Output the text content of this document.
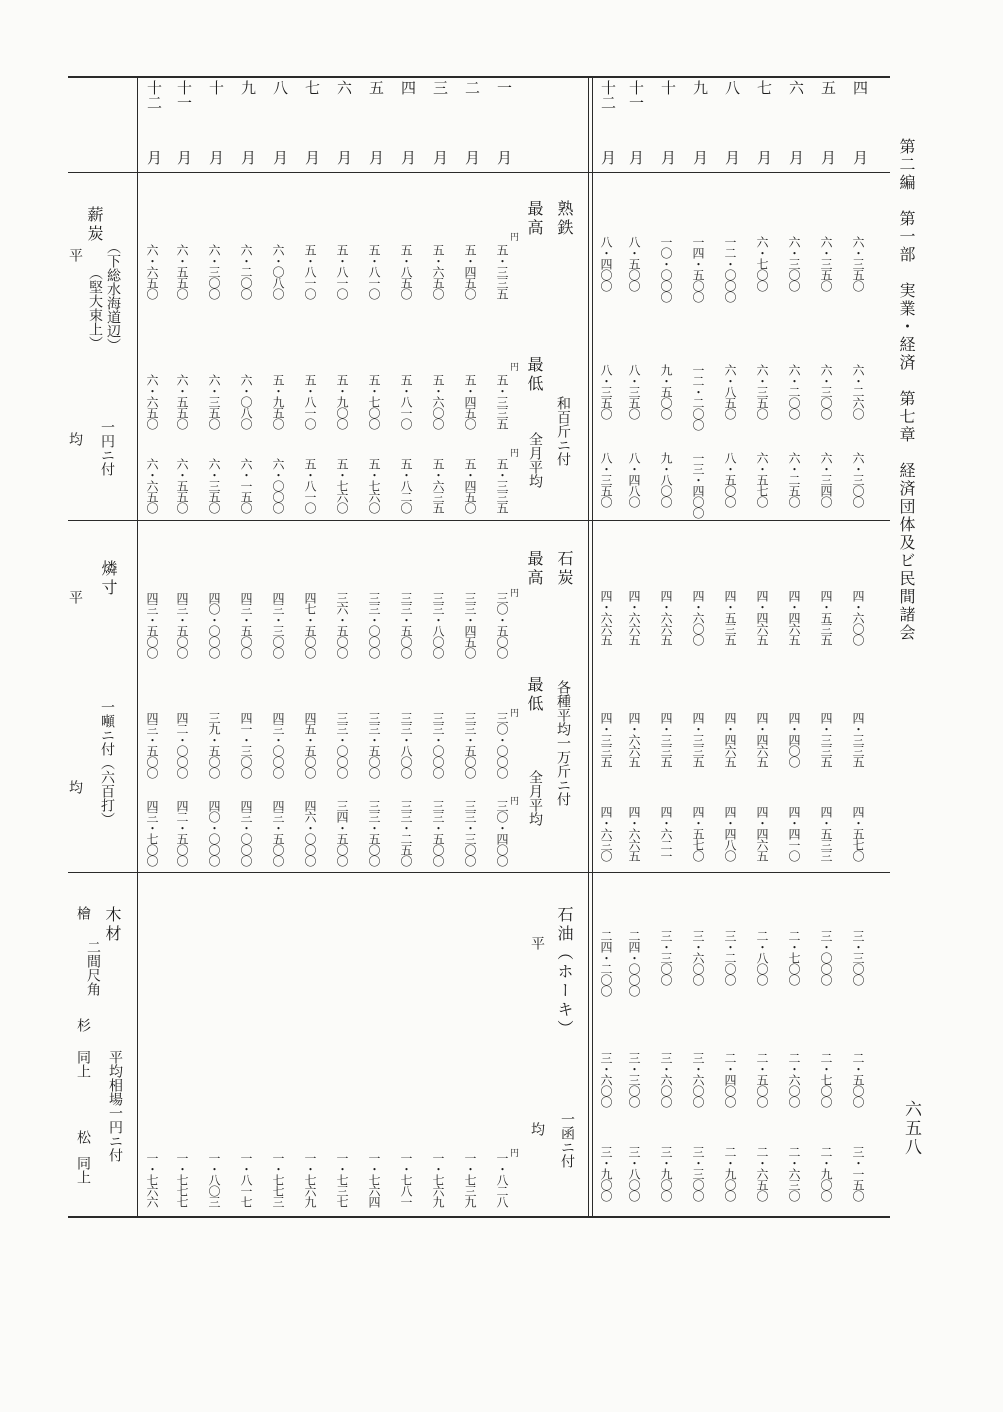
第二編　第一部　実業・経済　第七章　経済団体及ビ民間諸会
六五八
一
月
二
月
三
月
四
月
五
月
六
月
七
月
八
月
九
月
十
月
十一
月
十二
月
四
月
五
月
六
月
七
月
八
月
九
月
十
月
十一
月
十二
月
五・三三五
五・四五〇
五・六五〇
五・八五〇
五・八一〇
五・八一〇
五・八一〇
六・〇八〇
六・二〇〇
六・三〇〇
六・五五〇
六・六五〇
五・三三五
五・四五〇
五・六〇〇
五・八一〇
五・七〇〇
五・九〇〇
五・八一〇
五・九五〇
六・〇八〇
六・三五〇
六・五五〇
六・六五〇
五・三三五
五・四五〇
五・六三五
五・八二〇
五・七六〇
五・七六〇
五・八一〇
六・〇〇〇
六・一五〇
六・三五〇
六・五五〇
六・六五〇
三〇・五〇〇
三三・四五〇
三三・八〇〇
三三・五〇〇
三三・〇〇〇
三六・五〇〇
四七・五〇〇
四三・三〇〇
四三・五〇〇
四〇・〇〇〇
四三・五〇〇
四三・五〇〇
三〇・〇〇〇
三三・五〇〇
三三・〇〇〇
三三・八〇〇
三三・五〇〇
三三・〇〇〇
四五・五〇〇
四三・〇〇〇
四一・三〇〇
三九・五〇〇
四二・〇〇〇
四三・五〇〇
三〇・四〇〇
三三・三〇〇
三三・五〇〇
三三・二五〇
三三・五〇〇
三四・五〇〇
四六・〇〇〇
四三・五〇〇
四三・〇〇〇
四〇・〇〇〇
四二・五〇〇
四三・七〇〇
一・八二八
一・七三九
一・七六九
一・七八一
一・七六四
一・七三七
一・七六九
一・七七三
一・八一七
一・八〇三
一・七七七
一・七六六
六・三五〇
六・三五〇
六・三〇〇
六・七〇〇
一二・〇〇〇
一四・五〇〇
一〇・〇〇〇
八・五〇〇
八・四〇〇
六・二六〇
六・三〇〇
六・二〇〇
六・三五〇
六・八五〇
一二・二〇〇
九・五〇〇
八・三五〇
八・三五〇
六・三〇〇
六・三四〇
六・二五〇
六・五七〇
八・五〇〇
一三・四〇〇
九・八〇〇
八・四八〇
八・三五〇
四・六〇〇
四・五三五
四・四六五
四・四六五
四・五三五
四・六〇〇
四・六六五
四・六六五
四・六六五
四・三三五
四・三三五
四・四〇〇
四・四六五
四・四六五
四・三三五
四・三三五
四・六六五
四・三三五
四・五七〇
四・五三三
四・四一〇
四・四六五
四・四八〇
四・五七〇
四・六二一
四・六六五
四・六三〇
三・三〇〇
三・〇〇〇
二・七〇〇
二・八〇〇
三・二〇〇
三・六〇〇
三・三〇〇
二四・〇〇〇
二四・二〇〇
二・五〇〇
二・七〇〇
二・六〇〇
二・五〇〇
二・四〇〇
三・六〇〇
三・六〇〇
三・三〇〇
三・六〇〇
三・一五〇
二・九〇〇
二・六三〇
二・六五〇
二・九〇〇
三・三〇〇
三・九〇〇
三・八〇〇
三・九〇〇
円
円
円
円
円
円
円
薪炭
（下総水海道辺）
（堅大束上）
一円ニ付
平
均
燐寸
一噸ニ付（六百打）
平
均
木材
檜
二間尺角
杉
同上
松
同上
平均相場一円ニ付
熟鉄
和百斤ニ付
最高
最低
全月平均
石炭
各種平均一万斤ニ付
最高
最低
全月平均
石油（ホーキ）
一函ニ付
平
均
